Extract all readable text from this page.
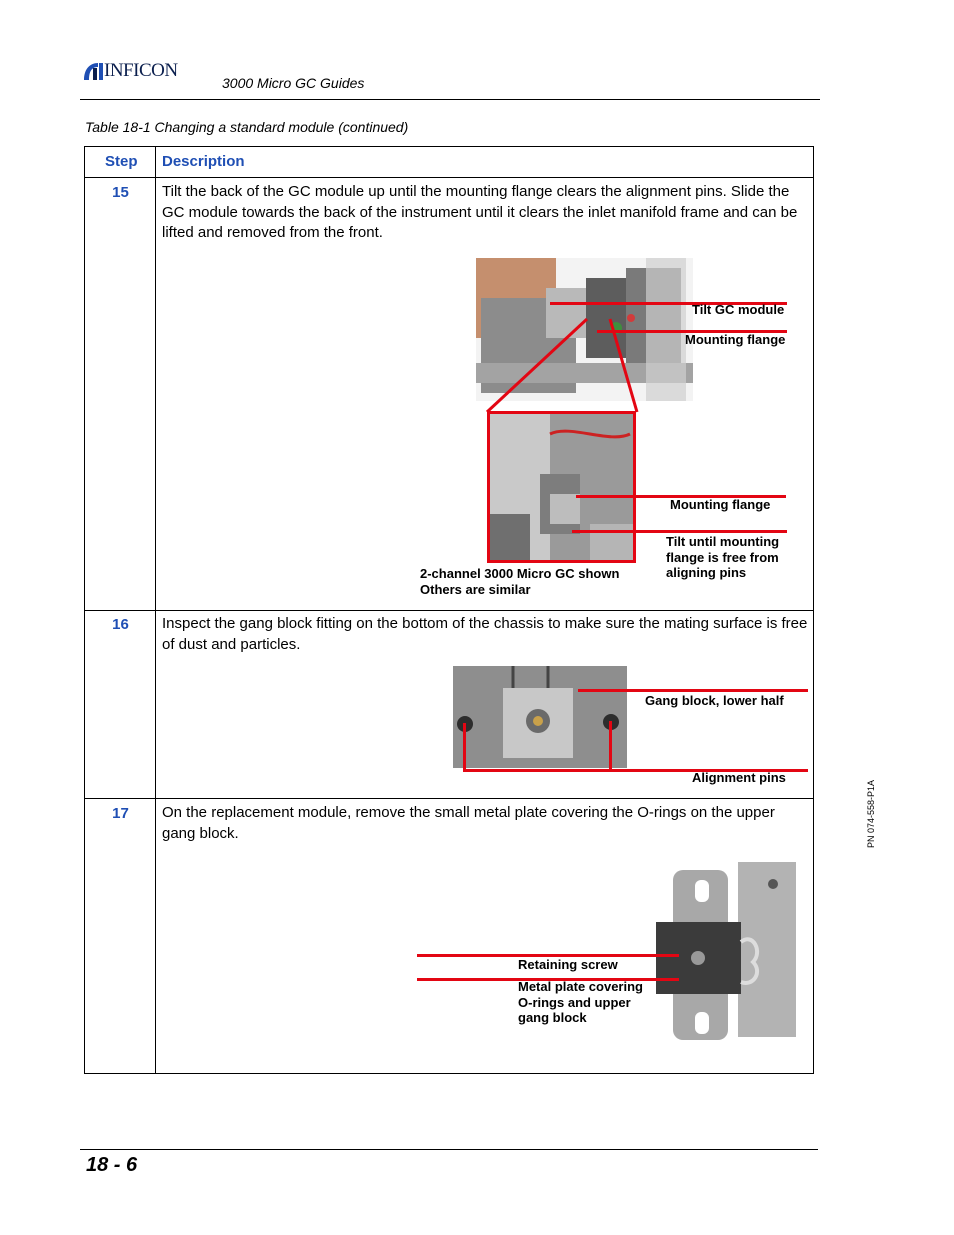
INFICON
3000 Micro GC Guides
Table 18-1 Changing a standard module (continued)
Step Description
15	Tilt the back of the GC module up until the mounting flange clears the alignment pins. Slide the GC module towards the back of the instrument until it clears the inlet manifold frame and can be lifted and removed from the front.
Tilt GC module
Mounting flange
Mounting flange
Tilt until mounting flange is free from aligning pins
2-channel 3000 Micro GC shown
Others are similar
16	Inspect the gang block fitting on the bottom of the chassis to make sure the mating surface is free of dust and particles.
Gang block, lower half
Alignment pins
17	On the replacement module, remove the small metal plate covering the O-rings on the upper gang block.
Retaining screw
Metal plate covering O-rings and upper gang block
18 - 6
PN 074-558-P1A
